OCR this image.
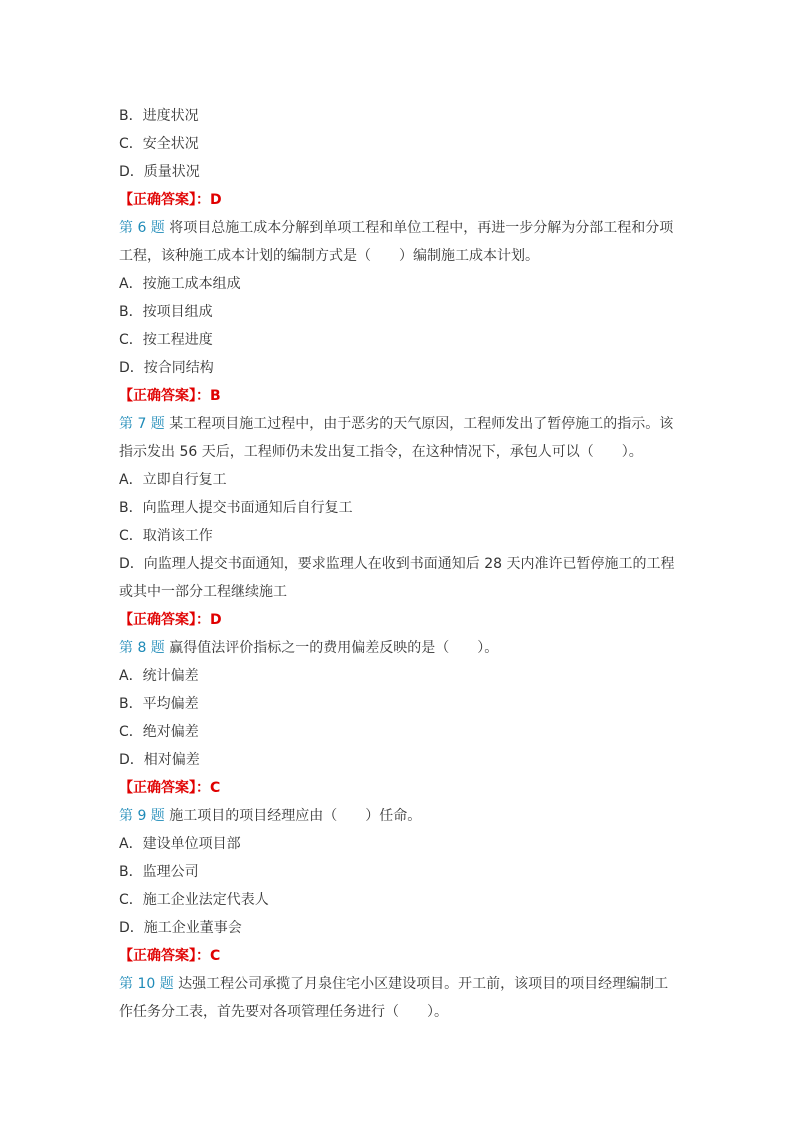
B．进度状况
C．安全状况
D．质量状况
【正确答案】：D
第 6 题 将项目总施工成本分解到单项工程和单位工程中，再进一步分解为分部工程和分项
工程，该种施工成本计划的编制方式是（　　）编制施工成本计划。
A．按施工成本组成
B．按项目组成
C．按工程进度
D．按合同结构
【正确答案】：B
第 7 题 某工程项目施工过程中，由于恶劣的天气原因，工程师发出了暂停施工的指示。该
指示发出 56 天后，工程师仍未发出复工指令，在这种情况下，承包人可以（　　）。
A．立即自行复工
B．向监理人提交书面通知后自行复工
C．取消该工作
D．向监理人提交书面通知，要求监理人在收到书面通知后 28 天内准许已暂停施工的工程
或其中一部分工程继续施工
【正确答案】：D
第 8 题 赢得值法评价指标之一的费用偏差反映的是（　　）。
A．统计偏差
B．平均偏差
C．绝对偏差
D．相对偏差
【正确答案】：C
第 9 题 施工项目的项目经理应由（　　）任命。
A．建设单位项目部
B．监理公司
C．施工企业法定代表人
D．施工企业董事会
【正确答案】：C
第 10 题 达强工程公司承揽了月泉住宅小区建设项目。开工前，该项目的项目经理编制工
作任务分工表，首先要对各项管理任务进行（　　）。
